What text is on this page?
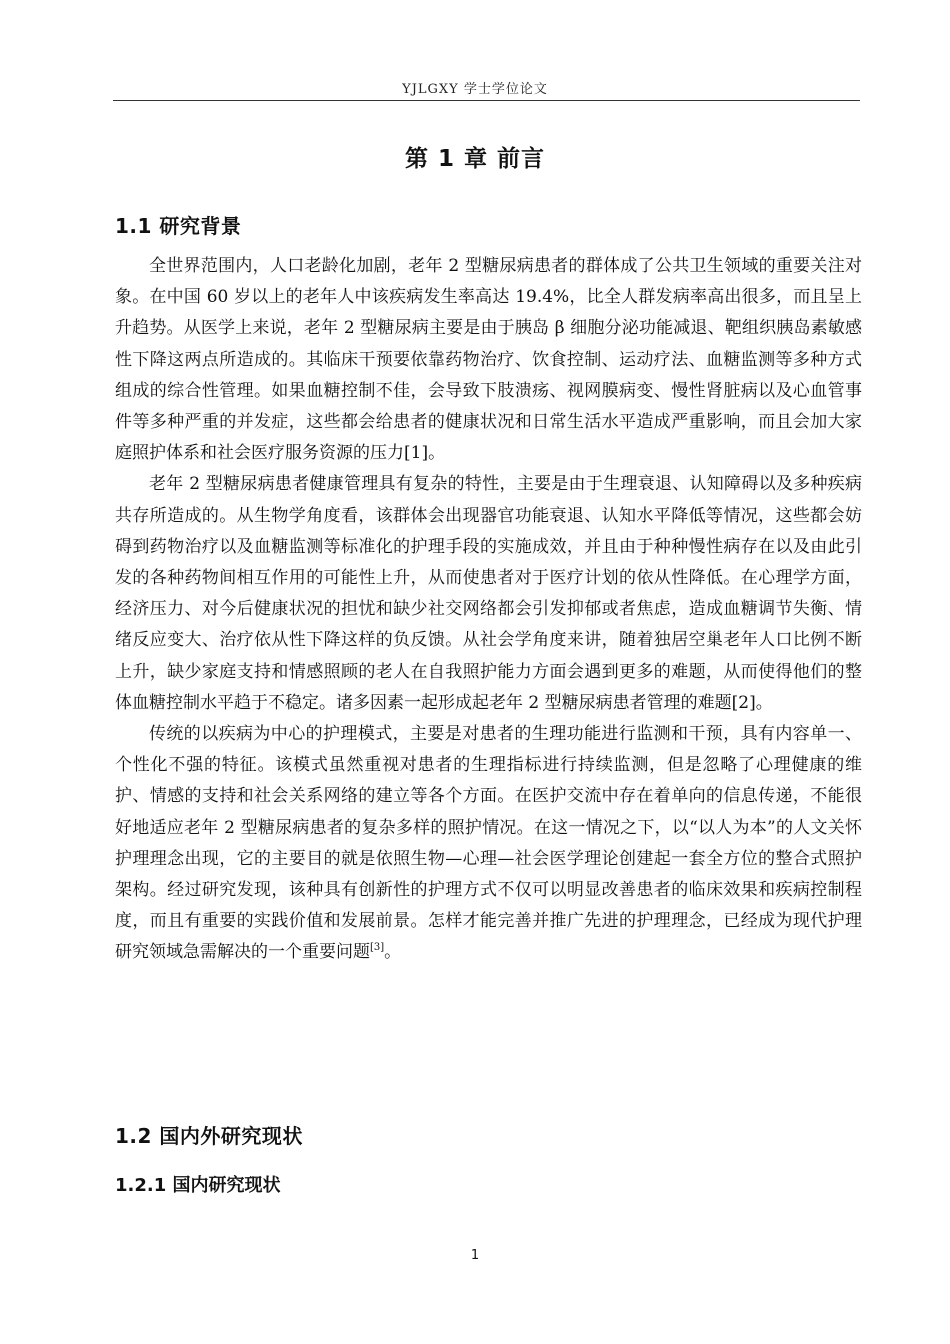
YJLGXY 学士学位论文
第 1 章 前言
1.1 研究背景

全世界范围内，人口老龄化加剧，老年 2 型糖尿病患者的群体成了公共卫生领域的重要关注对象。在中国 60 岁以上的老年人中该疾病发生率高达 19.4%，比全人群发病率高出很多，而且呈上升趋势。从医学上来说，老年 2 型糖尿病主要是由于胰岛 β 细胞分泌功能减退、靶组织胰岛素敏感性下降这两点所造成的。其临床干预要依靠药物治疗、饮食控制、运动疗法、血糖监测等多种方式组成的综合性管理。如果血糖控制不佳，会导致下肢溃疡、视网膜病变、慢性肾脏病以及心血管事件等多种严重的并发症，这些都会给患者的健康状况和日常生活水平造成严重影响，而且会加大家庭照护体系和社会医疗服务资源的压力[1]。

老年 2 型糖尿病患者健康管理具有复杂的特性，主要是由于生理衰退、认知障碍以及多种疾病共存所造成的。从生物学角度看，该群体会出现器官功能衰退、认知水平降低等情况，这些都会妨碍到药物治疗以及血糖监测等标准化的护理手段的实施成效，并且由于种种慢性病存在以及由此引发的各种药物间相互作用的可能性上升，从而使患者对于医疗计划的依从性降低。在心理学方面，经济压力、对今后健康状况的担忧和缺少社交网络都会引发抑郁或者焦虑，造成血糖调节失衡、情绪反应变大、治疗依从性下降这样的负反馈。从社会学角度来讲，随着独居空巢老年人口比例不断上升，缺少家庭支持和情感照顾的老人在自我照护能力方面会遇到更多的难题，从而使得他们的整体血糖控制水平趋于不稳定。诸多因素一起形成起老年 2 型糖尿病患者管理的难题[2]。

传统的以疾病为中心的护理模式，主要是对患者的生理功能进行监测和干预，具有内容单一、个性化不强的特征。该模式虽然重视对患者的生理指标进行持续监测，但是忽略了心理健康的维护、情感的支持和社会关系网络的建立等各个方面。在医护交流中存在着单向的信息传递，不能很好地适应老年 2 型糖尿病患者的复杂多样的照护情况。在这一情况之下，以“以人为本”的人文关怀护理理念出现，它的主要目的就是依照生物—心理—社会医学理论创建起一套全方位的整合式照护架构。经过研究发现，该种具有创新性的护理方式不仅可以明显改善患者的临床效果和疾病控制程度，而且有重要的实践价值和发展前景。怎样才能完善并推广先进的护理理念，已经成为现代护理研究领域急需解决的一个重要问题[3]。

1.2 国内外研究现状
1.2.1 国内研究现状
1
